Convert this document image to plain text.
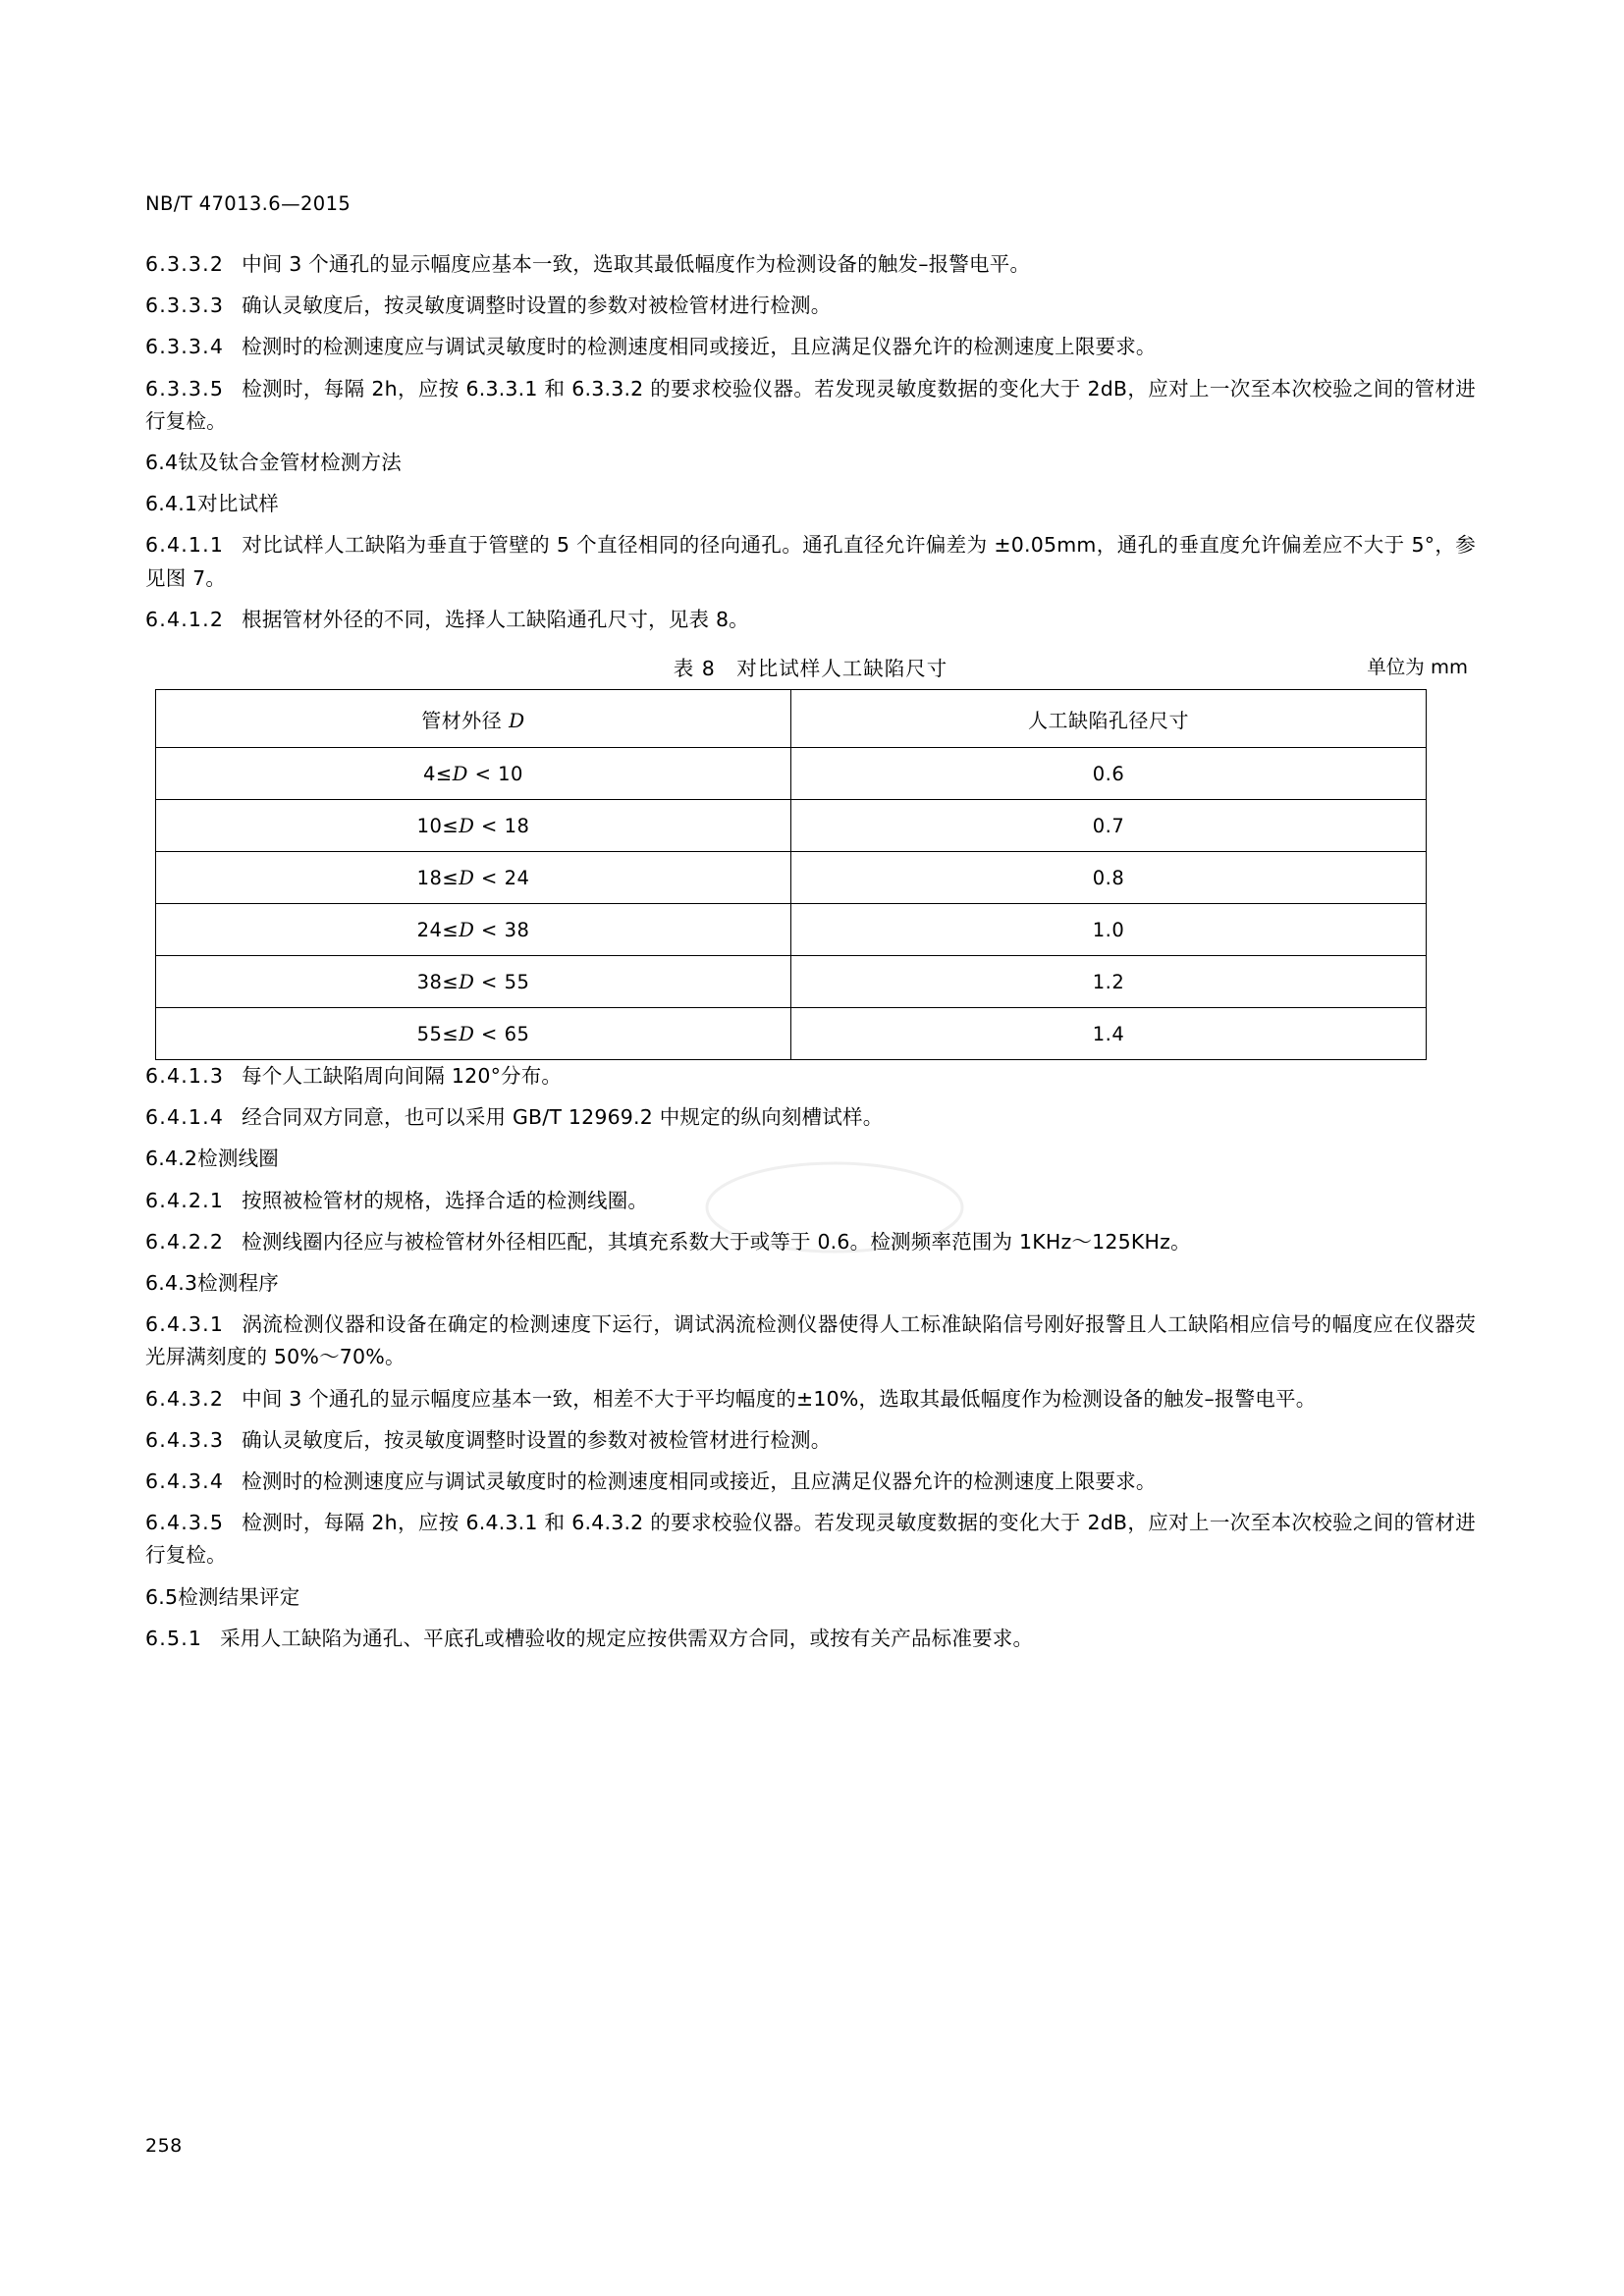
NB/T 47013.6—2015

6.3.3.2 中间 3 个通孔的显示幅度应基本一致，选取其最低幅度作为检测设备的触发–报警电平。

6.3.3.3 确认灵敏度后，按灵敏度调整时设置的参数对被检管材进行检测。

6.3.3.4 检测时的检测速度应与调试灵敏度时的检测速度相同或接近，且应满足仪器允许的检测速度上限要求。

6.3.3.5 检测时，每隔 2h，应按 6.3.3.1 和 6.3.3.2 的要求校验仪器。若发现灵敏度数据的变化大于 2dB，应对上一次至本次校验之间的管材进行复检。

6.4钛及钛合金管材检测方法

6.4.1对比试样

6.4.1.1 对比试样人工缺陷为垂直于管壁的 5 个直径相同的径向通孔。通孔直径允许偏差为 ±0.05mm，通孔的垂直度允许偏差应不大于 5°，参见图 7。

6.4.1.2 根据管材外径的不同，选择人工缺陷通孔尺寸，见表 8。

表 8　对比试样人工缺陷尺寸	单位为 mm
管材外径 D	人工缺陷孔径尺寸
4≤D < 10	0.6
10≤D < 18	0.7
18≤D < 24	0.8
24≤D < 38	1.0
38≤D < 55	1.2
55≤D < 65	1.4

6.4.1.3 每个人工缺陷周向间隔 120°分布。

6.4.1.4 经合同双方同意，也可以采用 GB/T 12969.2 中规定的纵向刻槽试样。

6.4.2检测线圈

6.4.2.1 按照被检管材的规格，选择合适的检测线圈。

6.4.2.2 检测线圈内径应与被检管材外径相匹配，其填充系数大于或等于 0.6。检测频率范围为 1KHz～125KHz。

6.4.3检测程序

6.4.3.1 涡流检测仪器和设备在确定的检测速度下运行，调试涡流检测仪器使得人工标准缺陷信号刚好报警且人工缺陷相应信号的幅度应在仪器荧光屏满刻度的 50%～70%。

6.4.3.2 中间 3 个通孔的显示幅度应基本一致，相差不大于平均幅度的±10%，选取其最低幅度作为检测设备的触发–报警电平。

6.4.3.3 确认灵敏度后，按灵敏度调整时设置的参数对被检管材进行检测。

6.4.3.4 检测时的检测速度应与调试灵敏度时的检测速度相同或接近，且应满足仪器允许的检测速度上限要求。

6.4.3.5 检测时，每隔 2h，应按 6.4.3.1 和 6.4.3.2 的要求校验仪器。若发现灵敏度数据的变化大于 2dB，应对上一次至本次校验之间的管材进行复检。

6.5检测结果评定

6.5.1 采用人工缺陷为通孔、平底孔或槽验收的规定应按供需双方合同，或按有关产品标准要求。

258
